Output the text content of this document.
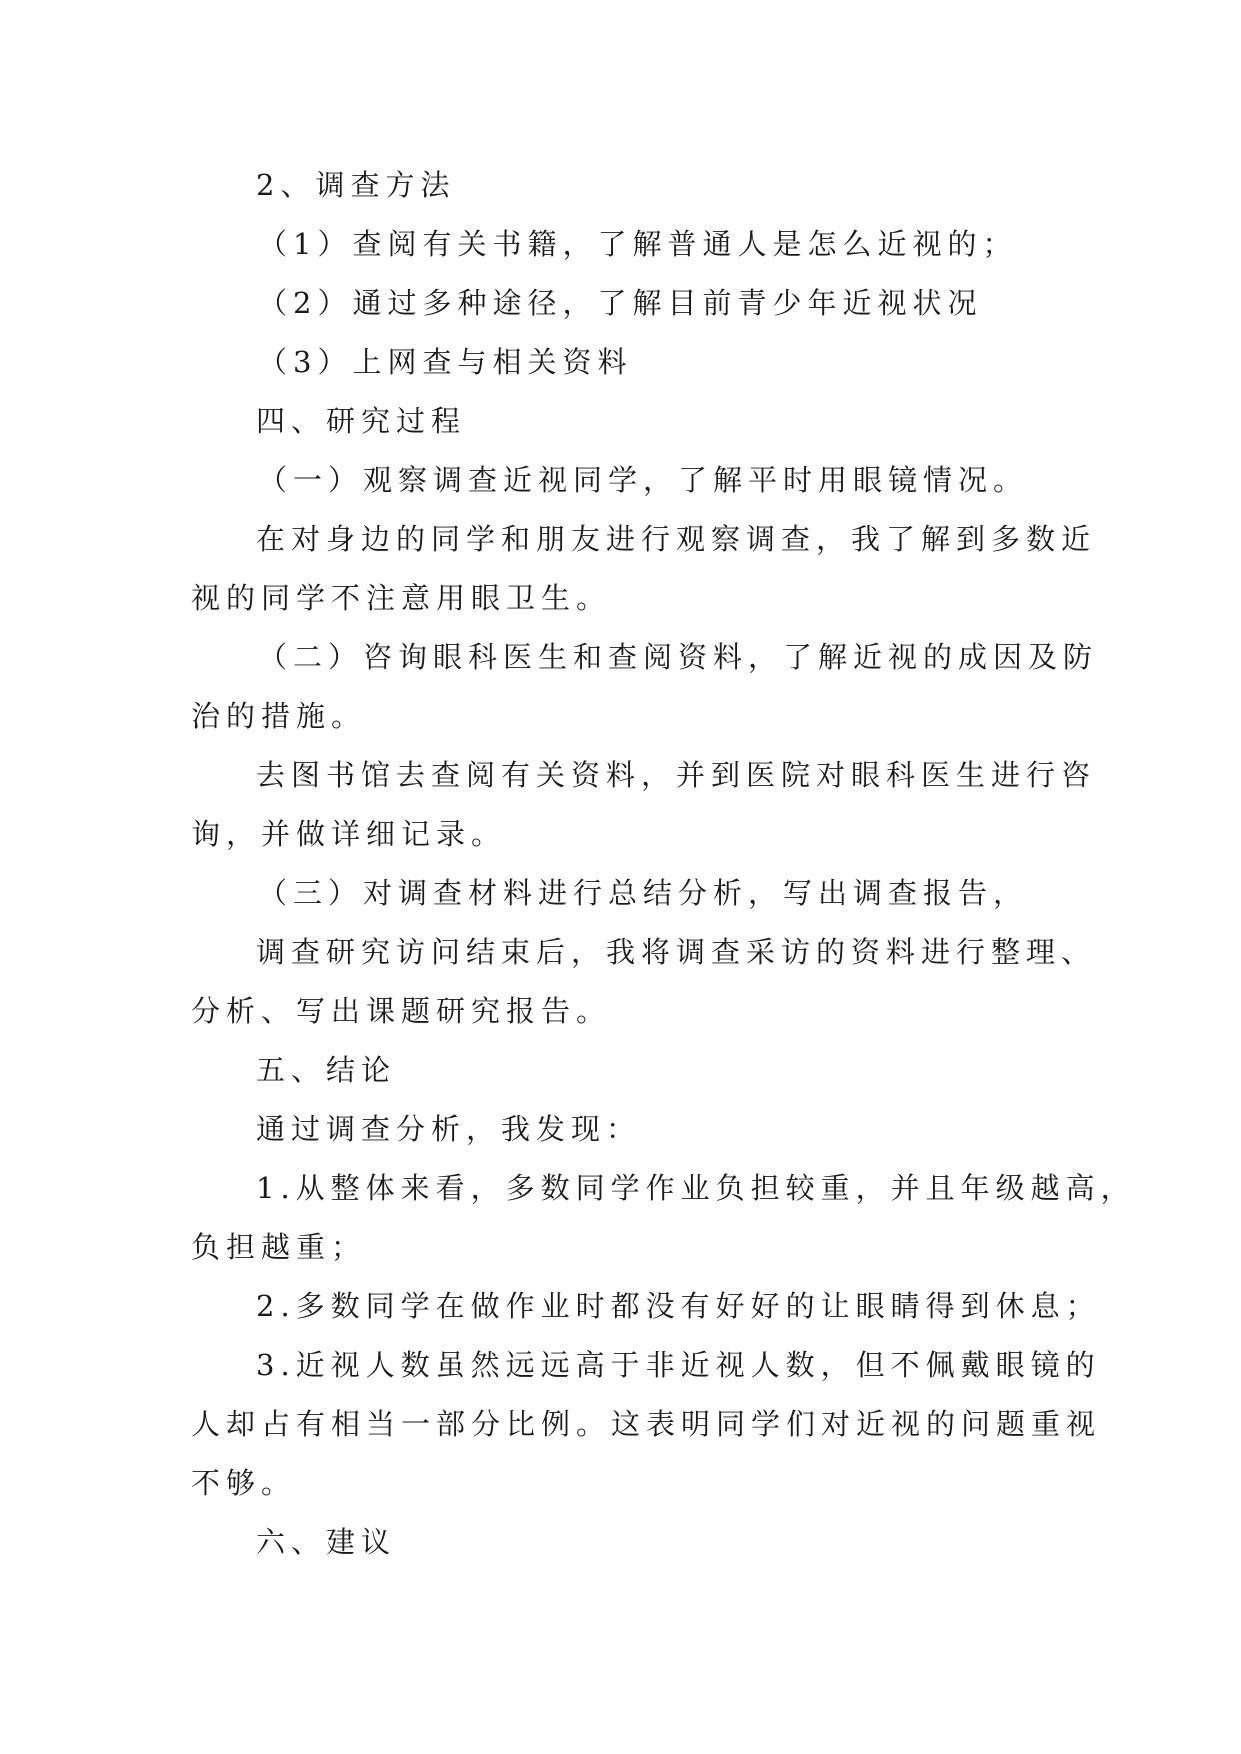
2、调查方法

（1）查阅有关书籍，了解普通人是怎么近视的；

（2）通过多种途径，了解目前青少年近视状况

（3）上网查与相关资料

四、研究过程

（一）观察调查近视同学，了解平时用眼镜情况。

在对身边的同学和朋友进行观察调查，我了解到多数近

视的同学不注意用眼卫生。

（二）咨询眼科医生和查阅资料，了解近视的成因及防

治的措施。

去图书馆去查阅有关资料，并到医院对眼科医生进行咨

询，并做详细记录。

（三）对调查材料进行总结分析，写出调查报告，

调查研究访问结束后，我将调查采访的资料进行整理、

分析、写出课题研究报告。

五、结论

通过调查分析，我发现：

1.从整体来看，多数同学作业负担较重，并且年级越高，

负担越重；

2.多数同学在做作业时都没有好好的让眼睛得到休息；

3.近视人数虽然远远高于非近视人数，但不佩戴眼镜的

人却占有相当一部分比例。这表明同学们对近视的问题重视

不够。

六、建议
